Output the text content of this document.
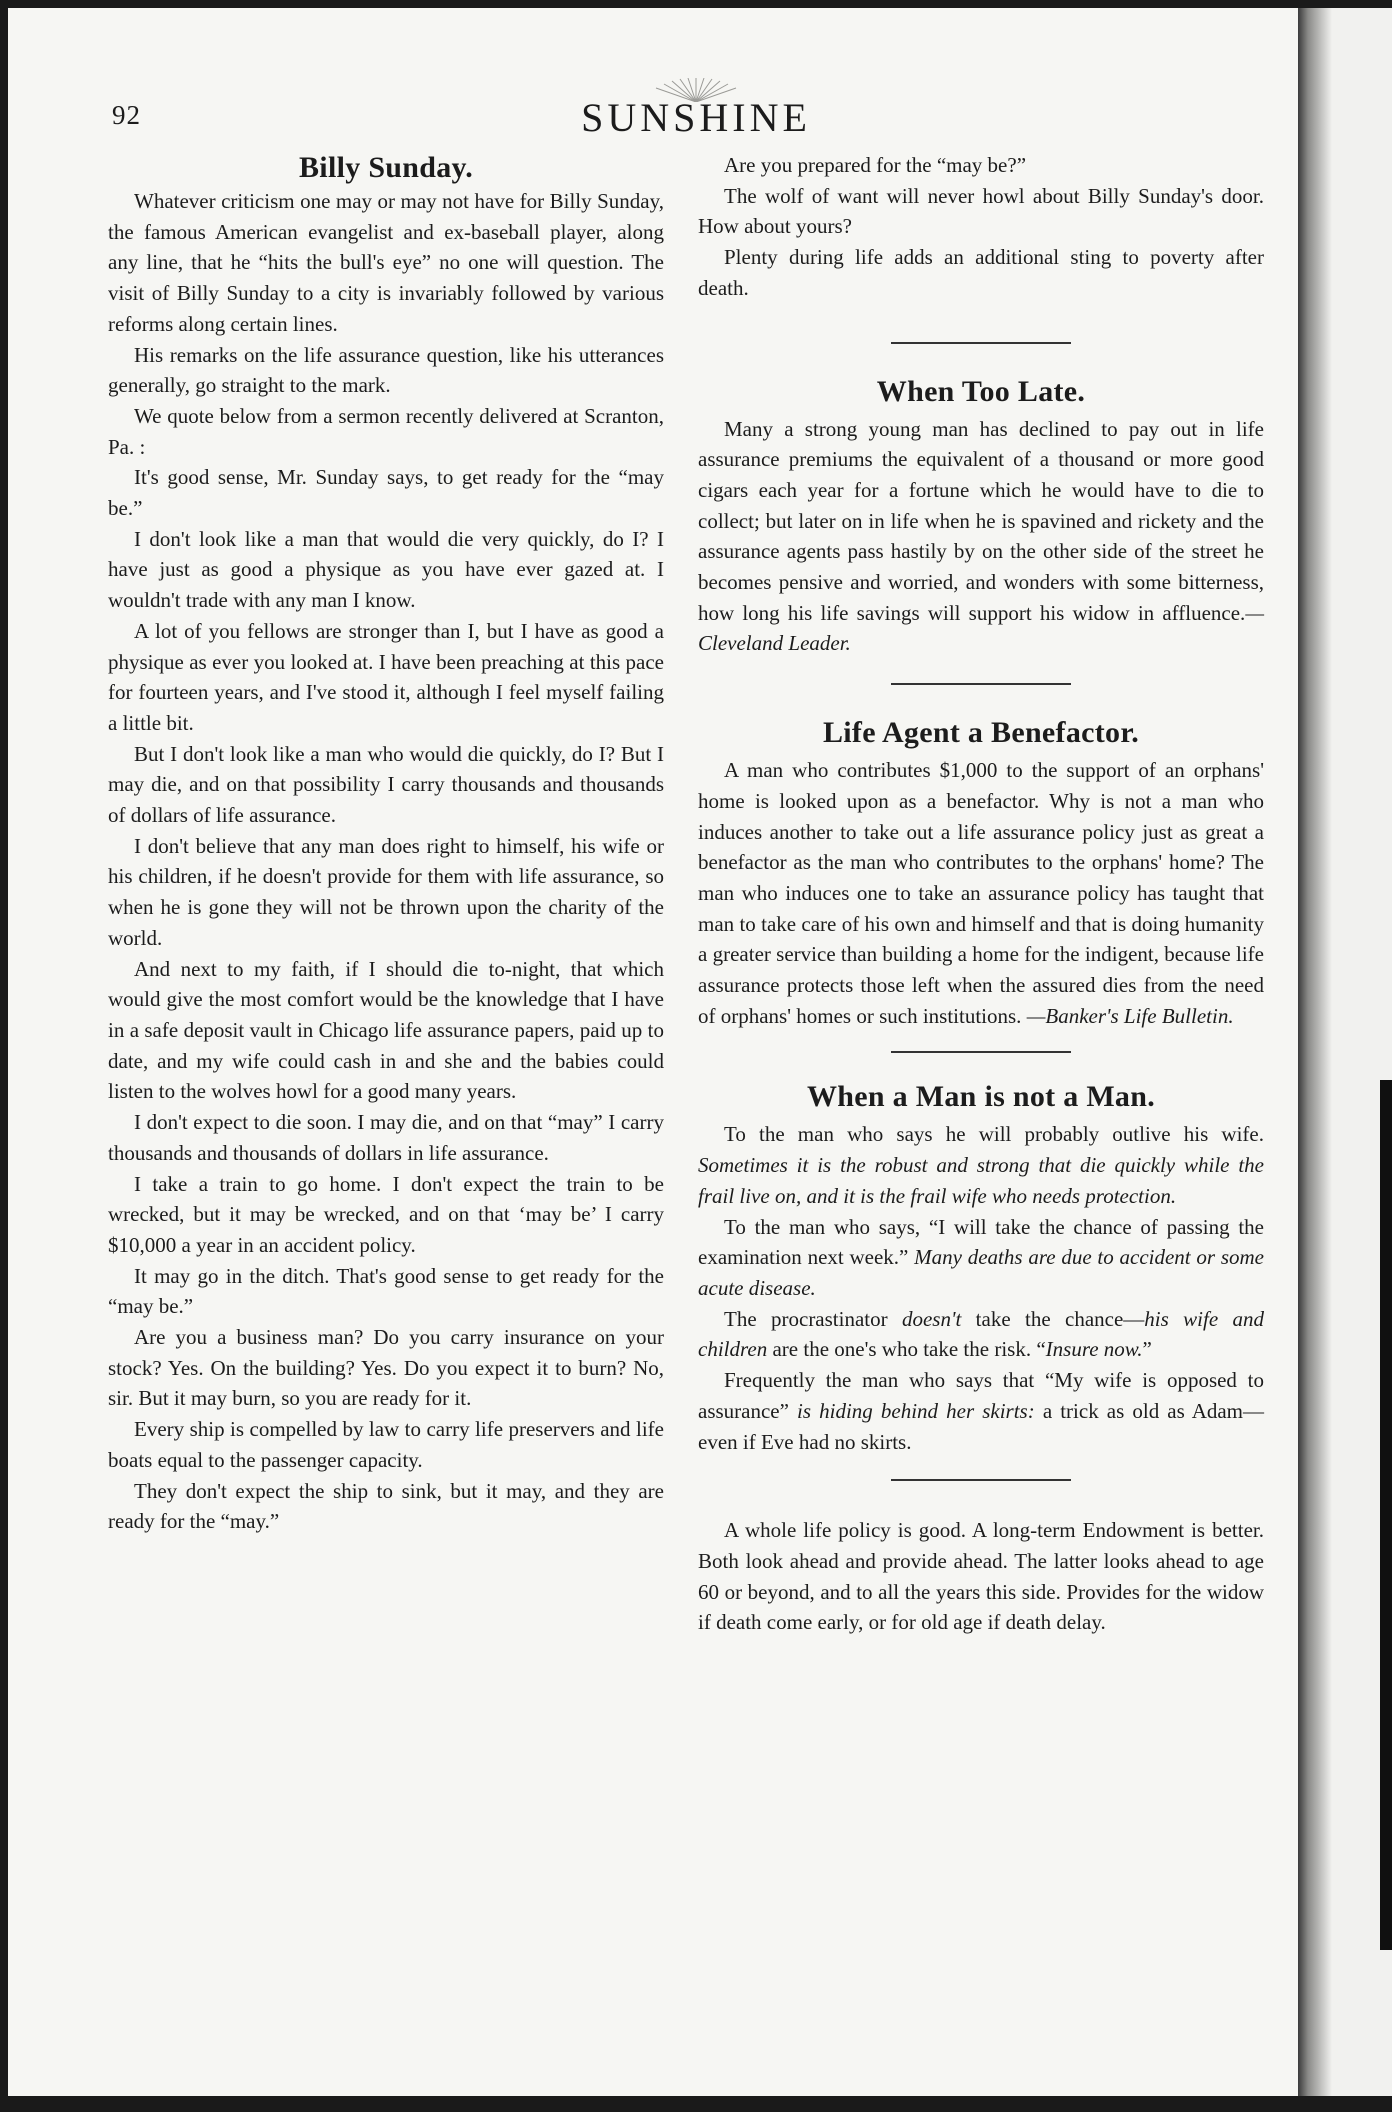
92	SUNSHINE
Billy Sunday.

Whatever criticism one may or may not have for Billy Sunday, the famous American evangelist and ex-baseball player, along any line, that he “hits the bull's eye” no one will question. The visit of Billy Sunday to a city is invariably followed by various reforms along certain lines.

His remarks on the life assurance question, like his utterances generally, go straight to the mark.

We quote below from a sermon recently delivered at Scranton, Pa. :

It's good sense, Mr. Sunday says, to get ready for the “may be.”

I don't look like a man that would die very quickly, do I? I have just as good a physique as you have ever gazed at. I wouldn't trade with any man I know.

A lot of you fellows are stronger than I, but I have as good a physique as ever you looked at. I have been preaching at this pace for fourteen years, and I've stood it, although I feel myself failing a little bit.

But I don't look like a man who would die quickly, do I? But I may die, and on that possibility I carry thousands and thousands of dollars of life assurance.

I don't believe that any man does right to himself, his wife or his children, if he doesn't provide for them with life assurance, so when he is gone they will not be thrown upon the charity of the world.

And next to my faith, if I should die to-night, that which would give the most comfort would be the knowledge that I have in a safe deposit vault in Chicago life assurance papers, paid up to date, and my wife could cash in and she and the babies could listen to the wolves howl for a good many years.

I don't expect to die soon. I may die, and on that “may” I carry thousands and thousands of dollars in life assurance.

I take a train to go home. I don't expect the train to be wrecked, but it may be wrecked, and on that ‘may be’ I carry $10,000 a year in an accident policy.

It may go in the ditch. That's good sense to get ready for the “may be.”

Are you a business man? Do you carry insurance on your stock? Yes. On the building? Yes. Do you expect it to burn? No, sir. But it may burn, so you are ready for it.

Every ship is compelled by law to carry life preservers and life boats equal to the passenger capacity.

They don't expect the ship to sink, but it may, and they are ready for the “may.”

Are you prepared for the “may be?”

The wolf of want will never howl about Billy Sunday's door. How about yours?

Plenty during life adds an additional sting to poverty after death.

When Too Late.

Many a strong young man has declined to pay out in life assurance premiums the equivalent of a thousand or more good cigars each year for a fortune which he would have to die to collect; but later on in life when he is spavined and rickety and the assurance agents pass hastily by on the other side of the street he becomes pensive and worried, and wonders with some bitterness, how long his life savings will support his widow in affluence.—Cleveland Leader.

Life Agent a Benefactor.

A man who contributes $1,000 to the support of an orphans' home is looked upon as a benefactor. Why is not a man who induces another to take out a life assurance policy just as great a benefactor as the man who contributes to the orphans' home? The man who induces one to take an assurance policy has taught that man to take care of his own and himself and that is doing humanity a greater service than building a home for the indigent, because life assurance protects those left when the assured dies from the need of orphans' homes or such institutions. —Banker's Life Bulletin.

When a Man is not a Man.

To the man who says he will probably outlive his wife. Sometimes it is the robust and strong that die quickly while the frail live on, and it is the frail wife who needs protection.

To the man who says, “I will take the chance of passing the examination next week.” Many deaths are due to accident or some acute disease.

The procrastinator doesn't take the chance—his wife and children are the one's who take the risk. “Insure now.”

Frequently the man who says that “My wife is opposed to assurance” is hiding behind her skirts: a trick as old as Adam—even if Eve had no skirts.

A whole life policy is good. A long-term Endowment is better. Both look ahead and provide ahead. The latter looks ahead to age 60 or beyond, and to all the years this side. Provides for the widow if death come early, or for old age if death delay.
